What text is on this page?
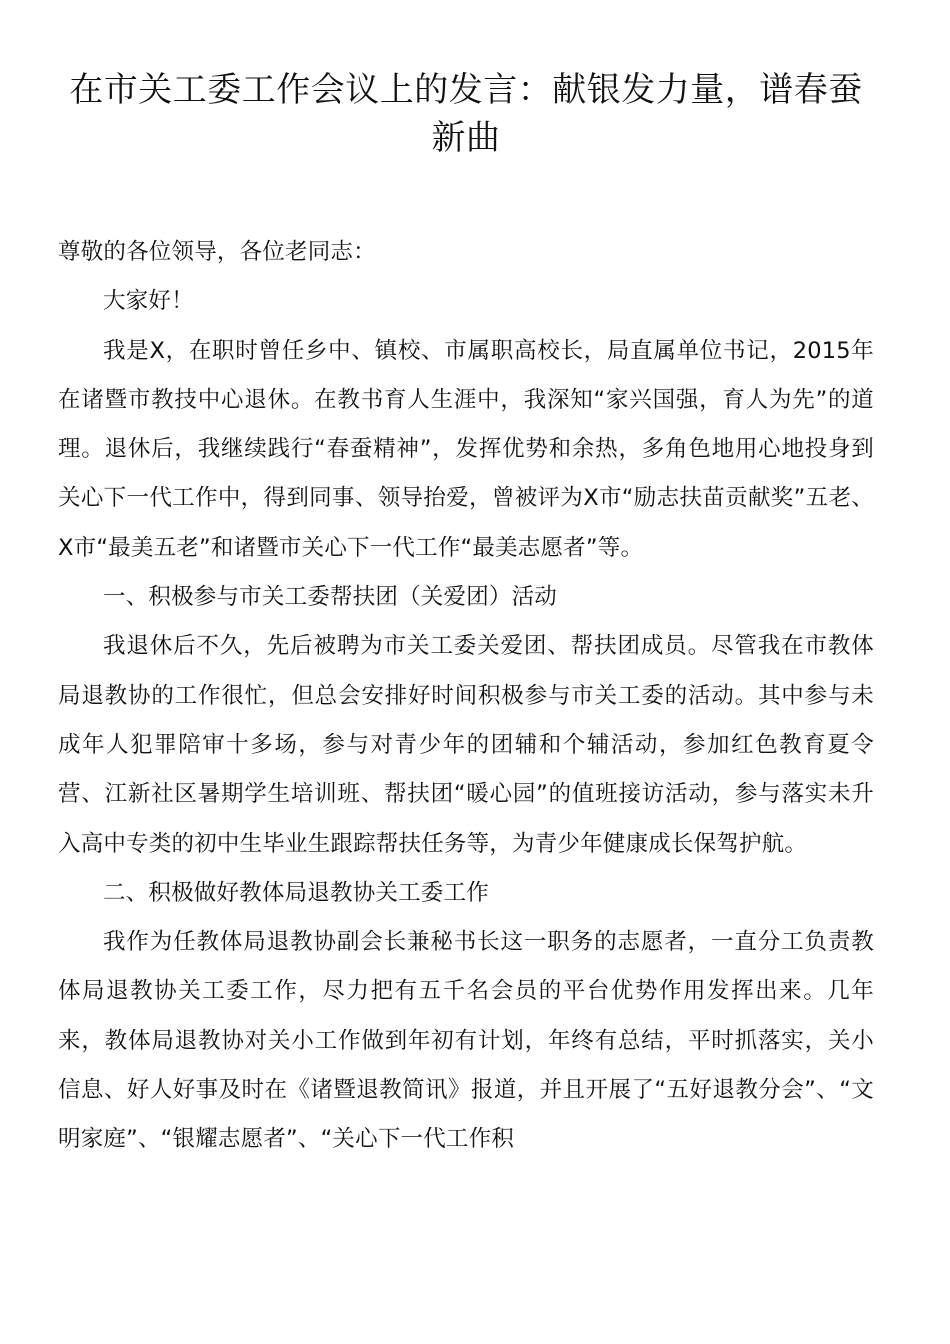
在市关工委工作会议上的发言：献银发力量，谱春蚕新曲

尊敬的各位领导，各位老同志：

大家好！

我是X，在职时曾任乡中、镇校、市属职高校长，局直属单位书记，2015年在诸暨市教技中心退休。在教书育人生涯中，我深知“家兴国强，育人为先”的道理。退休后，我继续践行“春蚕精神”，发挥优势和余热，多角色地用心地投身到关心下一代工作中，得到同事、领导抬爱，曾被评为X市“励志扶苗贡献奖”五老、X市“最美五老”和诸暨市关心下一代工作“最美志愿者”等。

一、积极参与市关工委帮扶团（关爱团）活动

我退休后不久，先后被聘为市关工委关爱团、帮扶团成员。尽管我在市教体局退教协的工作很忙，但总会安排好时间积极参与市关工委的活动。其中参与未成年人犯罪陪审十多场，参与对青少年的团辅和个辅活动，参加红色教育夏令营、江新社区暑期学生培训班、帮扶团“暖心园”的值班接访活动，参与落实未升入高中专类的初中生毕业生跟踪帮扶任务等，为青少年健康成长保驾护航。

二、积极做好教体局退教协关工委工作

我作为任教体局退教协副会长兼秘书长这一职务的志愿者，一直分工负责教体局退教协关工委工作，尽力把有五千名会员的平台优势作用发挥出来。几年来，教体局退教协对关小工作做到年初有计划，年终有总结，平时抓落实，关小信息、好人好事及时在《诸暨退教简讯》报道，并且开展了“五好退教分会”、“文明家庭”、“银耀志愿者”、“关心下一代工作积
